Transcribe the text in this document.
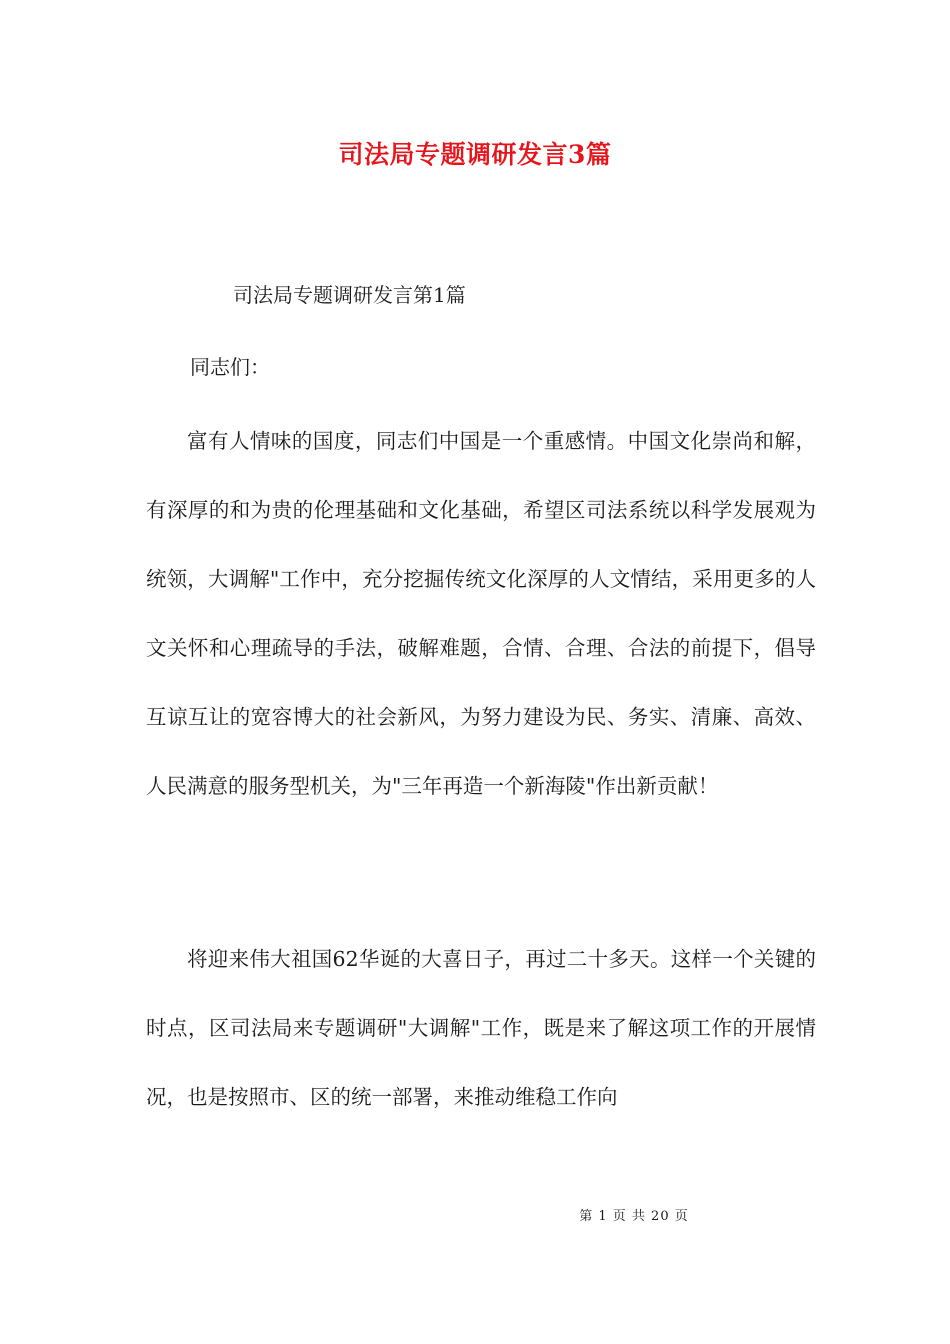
司法局专题调研发言3篇
司法局专题调研发言第1篇
同志们：

富有人情味的国度，同志们中国是一个重感情。中国文化崇尚和解，有深厚的和为贵的伦理基础和文化基础，希望区司法系统以科学发展观为统领，大调解"工作中，充分挖掘传统文化深厚的人文情结，采用更多的人文关怀和心理疏导的手法，破解难题，合情、合理、合法的前提下，倡导互谅互让的宽容博大的社会新风，为努力建设为民、务实、清廉、高效、人民满意的服务型机关，为"三年再造一个新海陵"作出新贡献！

将迎来伟大祖国62华诞的大喜日子，再过二十多天。这样一个关键的时点，区司法局来专题调研"大调解"工作，既是来了解这项工作的开展情况，也是按照市、区的统一部署，来推动维稳工作向

第 1 页 共 20 页
